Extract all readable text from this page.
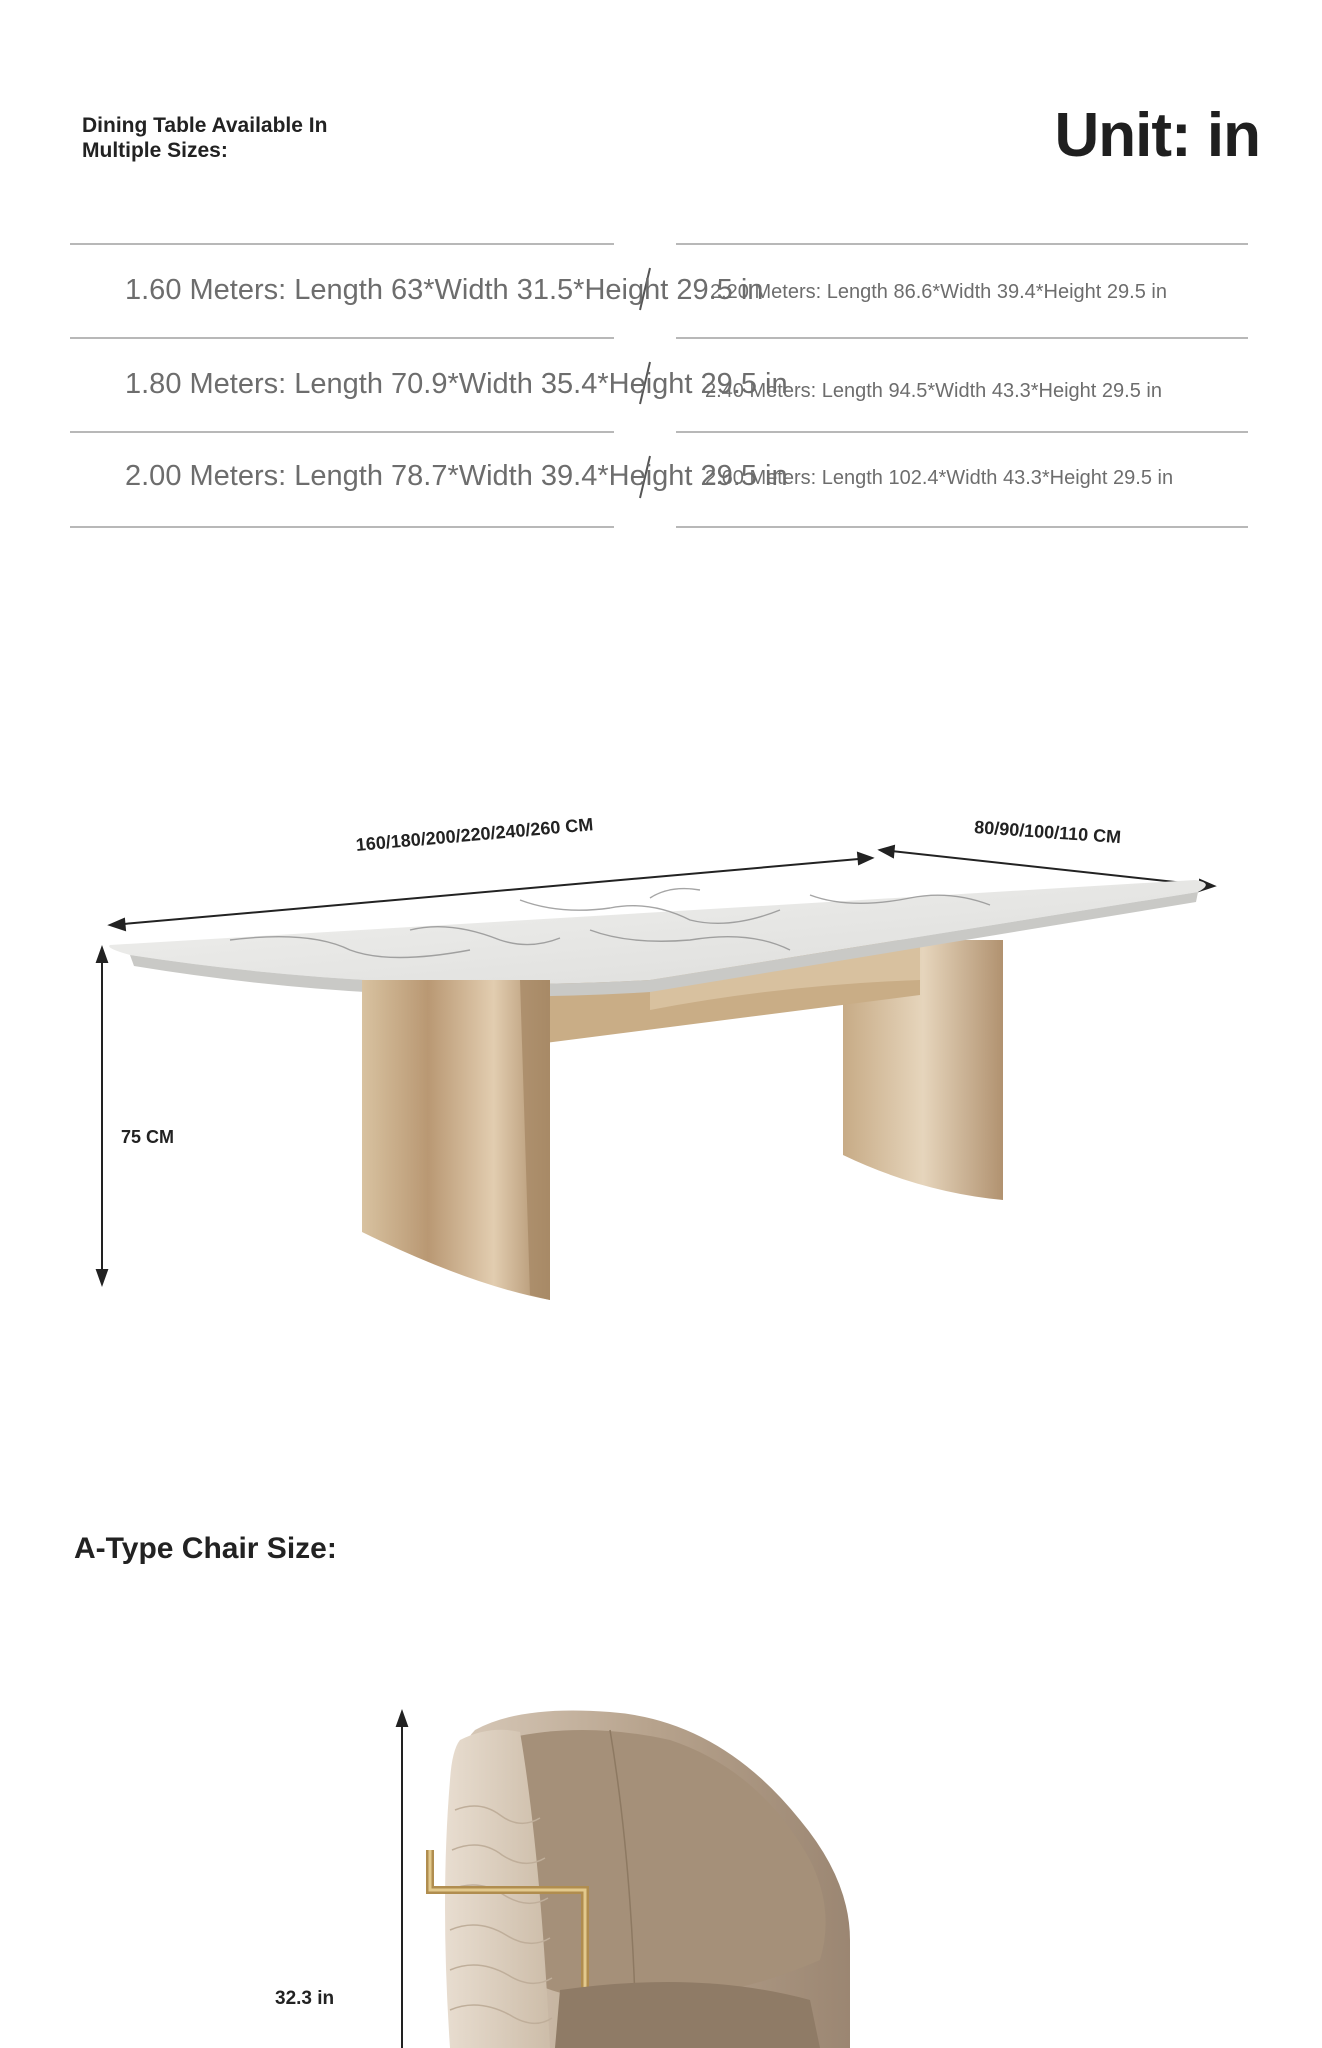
Dining Table Available In
Multiple Sizes:	Unit: in
1.60 Meters: Length 63*Width 31.5*Height 29.5 in
2.20 Meters: Length 86.6*Width 39.4*Height 29.5 in
1.80 Meters: Length 70.9*Width 35.4*Height 29.5 in
2.40 Meters: Length 94.5*Width 43.3*Height 29.5 in
2.00 Meters: Length 78.7*Width 39.4*Height 29.5 in
2.60 Meters: Length 102.4*Width 43.3*Height 29.5 in
160/180/200/220/240/260 CM	80/90/100/110 CM
75 CM
A-Type Chair Size:
32.3 in
